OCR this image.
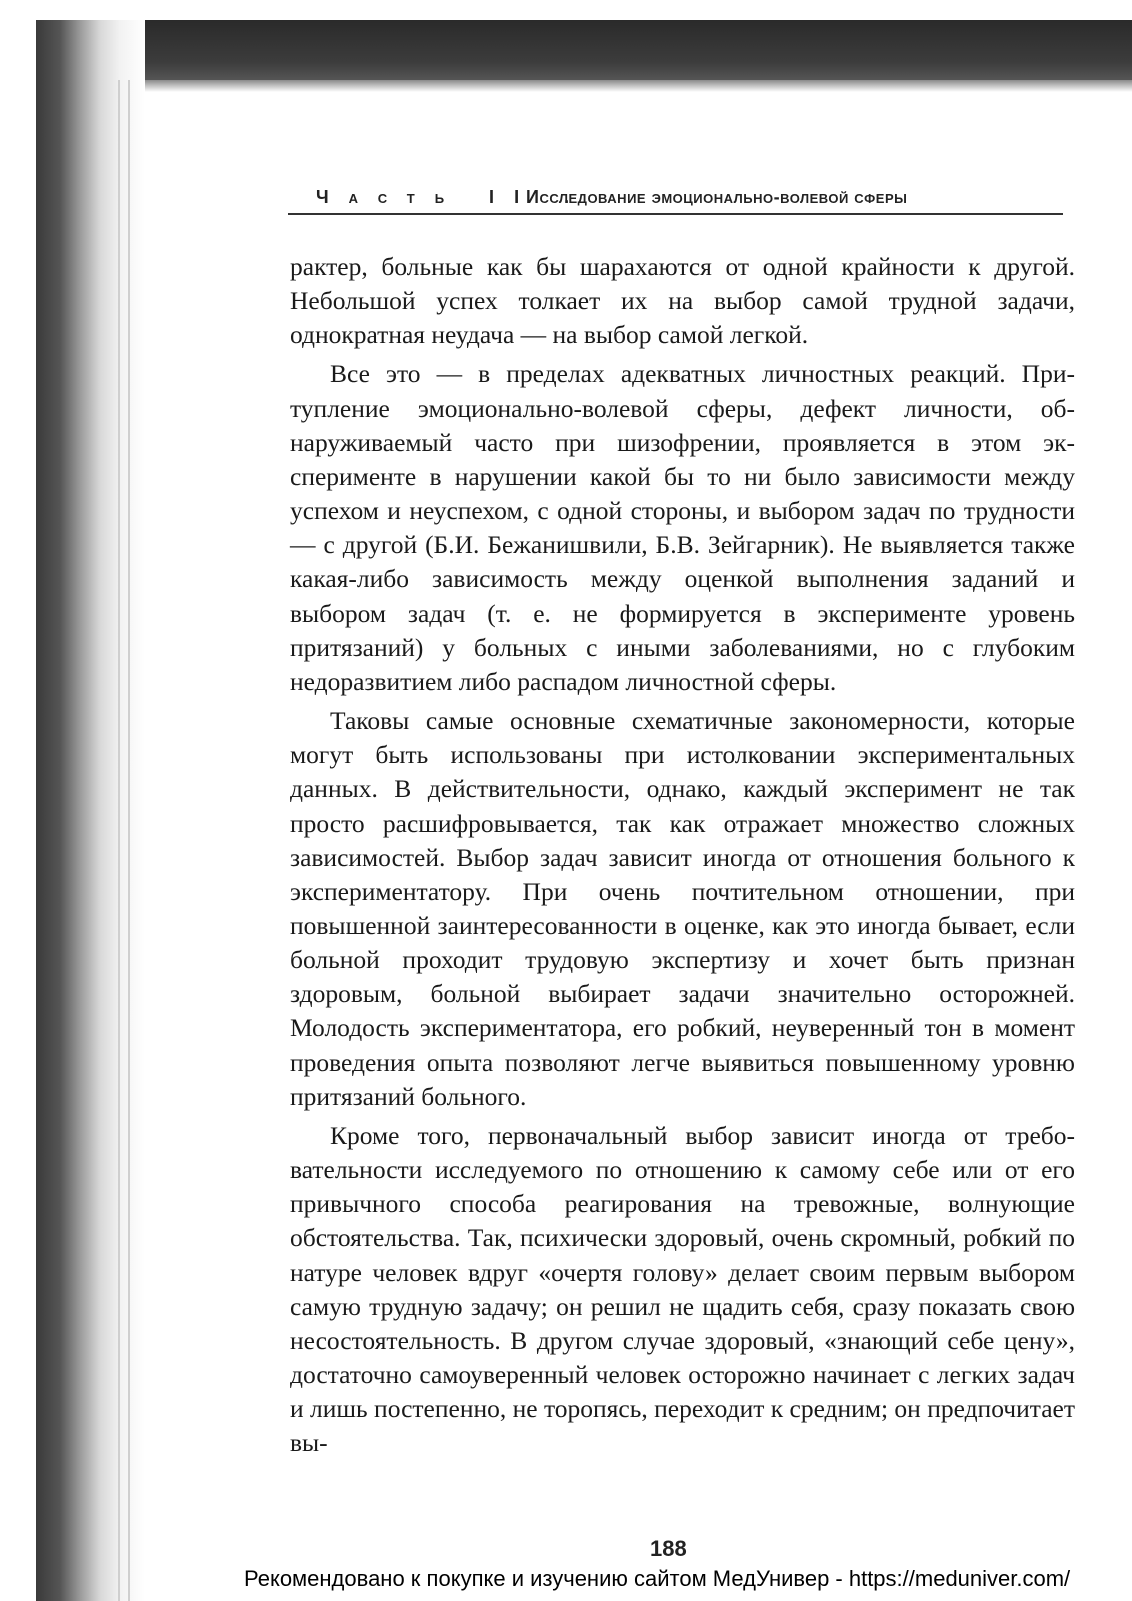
Часть II .
Исследование эмоционально-волевой сферы

рактер, больные как бы шарахаются от одной крайности к другой. Небольшой успех толкает их на выбор самой трудной задачи, однократная неудача — на выбор самой легкой.

Все это — в пределах адекватных личностных реакций. Притупление эмоционально-волевой сферы, дефект личности, обнаруживаемый часто при шизофрении, проявляется в этом эксперименте в нарушении какой бы то ни было зависимости между успехом и неуспехом, с одной стороны, и выбором задач по трудности — с другой (Б.И. Бежанишвили, Б.В. Зейгарник). Не выявляется также какая-либо зависимость между оценкой выполнения заданий и выбором задач (т. е. не формируется в эксперименте уровень притязаний) у больных с иными заболеваниями, но с глубоким недоразвитием либо распадом личностной сферы.

Таковы самые основные схематичные закономерности, которые могут быть использованы при истолковании экспериментальных данных. В действительности, однако, каждый эксперимент не так просто расшифровывается, так как отражает множество сложных зависимостей. Выбор задач зависит иногда от отношения больного к экспериментатору. При очень почтительном отношении, при повышенной заинтересованности в оценке, как это иногда бывает, если больной проходит трудовую экспертизу и хочет быть признан здоровым, больной выбирает задачи значительно осторожней. Молодость экспериментатора, его робкий, неуверенный тон в момент проведения опыта позволяют легче выявиться повышенному уровню притязаний больного.

Кроме того, первоначальный выбор зависит иногда от требовательности исследуемого по отношению к самому себе или от его привычного способа реагирования на тревожные, волнующие обстоятельства. Так, психически здоровый, очень скромный, робкий по натуре человек вдруг «очертя голову» делает своим первым выбором самую трудную задачу; он решил не щадить себя, сразу показать свою несостоятельность. В другом случае здоровый, «знающий себе цену», достаточно самоуверенный человек осторожно начинает с легких задач и лишь постепенно, не торопясь, переходит к средним; он предпочитает вы-

188
Рекомендовано к покупке и изучению сайтом МедУнивер - https://meduniver.com/
